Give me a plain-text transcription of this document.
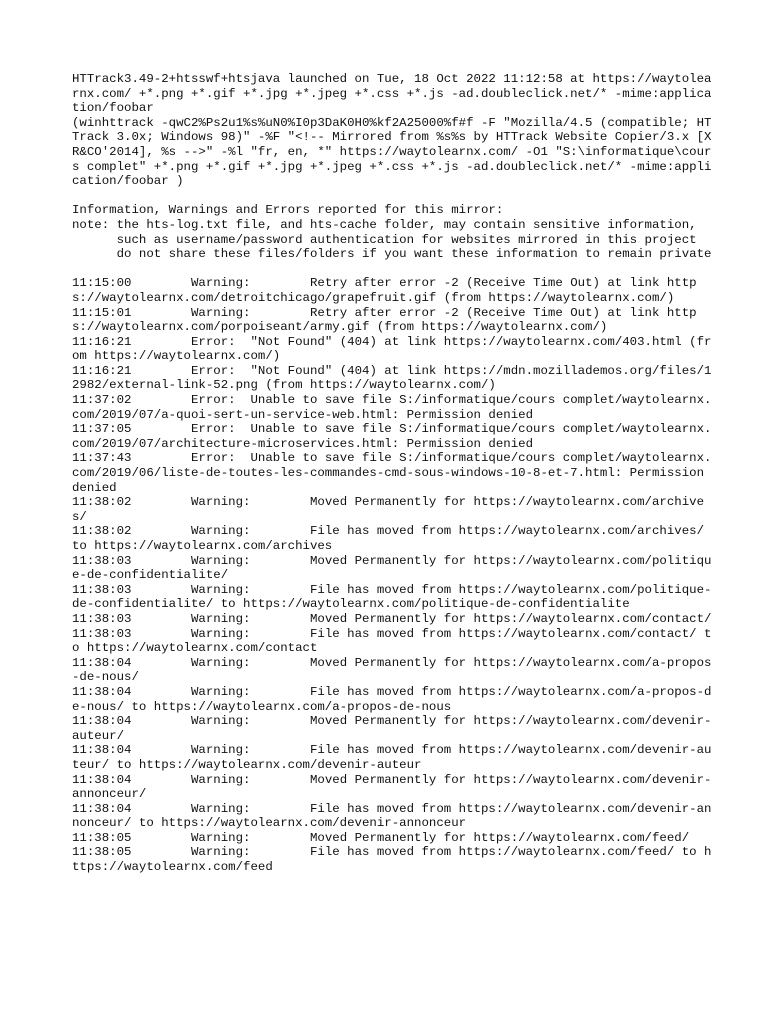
HTTrack3.49-2+htsswf+htsjava launched on Tue, 18 Oct 2022 11:12:58 at https://waytolearnx.com/ +*.png +*.gif +*.jpg +*.jpeg +*.css +*.js -ad.doubleclick.net/* -mime:application/foobar
(winhttrack -qwC2%Ps2u1%s%uN0%I0p3DaK0H0%kf2A25000%f#f -F "Mozilla/4.5 (compatible; HTTrack 3.0x; Windows 98)" -%F "<!-- Mirrored from %s%s by HTTrack Website Copier/3.x [XR&CO'2014], %s -->" -%l "fr, en, *" https://waytolearnx.com/ -O1 "S:\informatique\cours complet" +*.png +*.gif +*.jpg +*.jpeg +*.css +*.js -ad.doubleclick.net/* -mime:application/foobar )
Information, Warnings and Errors reported for this mirror:
note: the hts-log.txt file, and hts-cache folder, may contain sensitive information,
such as username/password authentication for websites mirrored in this project
do not share these files/folders if you want these information to remain private
11:15:00	Warning:	Retry after error -2 (Receive Time Out) at link https://waytolearnx.com/detroitchicago/grapefruit.gif (from https://waytolearnx.com/)
11:15:01	Warning:	Retry after error -2 (Receive Time Out) at link https://waytolearnx.com/porpoiseant/army.gif (from https://waytolearnx.com/)
11:16:21	Error:	"Not Found" (404) at link https://waytolearnx.com/403.html (from https://waytolearnx.com/)
11:16:21	Error:	"Not Found" (404) at link https://mdn.mozillademos.org/files/12982/external-link-52.png (from https://waytolearnx.com/)
11:37:02	Error:	Unable to save file S:/informatique/cours complet/waytolearnx.com/2019/07/a-quoi-sert-un-service-web.html: Permission denied
11:37:05	Error:	Unable to save file S:/informatique/cours complet/waytolearnx.com/2019/07/architecture-microservices.html: Permission denied
11:37:43	Error:	Unable to save file S:/informatique/cours complet/waytolearnx.com/2019/06/liste-de-toutes-les-commandes-cmd-sous-windows-10-8-et-7.html: Permission denied
11:38:02	Warning:	Moved Permanently for https://waytolearnx.com/archives/
11:38:02	Warning:	File has moved from https://waytolearnx.com/archives/ to https://waytolearnx.com/archives
11:38:03	Warning:	Moved Permanently for https://waytolearnx.com/politique-de-confidentialite/
11:38:03	Warning:	File has moved from https://waytolearnx.com/politique-de-confidentialite/ to https://waytolearnx.com/politique-de-confidentialite
11:38:03	Warning:	Moved Permanently for https://waytolearnx.com/contact/
11:38:03	Warning:	File has moved from https://waytolearnx.com/contact/ to https://waytolearnx.com/contact
11:38:04	Warning:	Moved Permanently for https://waytolearnx.com/a-propos-de-nous/
11:38:04	Warning:	File has moved from https://waytolearnx.com/a-propos-de-nous/ to https://waytolearnx.com/a-propos-de-nous
11:38:04	Warning:	Moved Permanently for https://waytolearnx.com/devenir-auteur/
11:38:04	Warning:	File has moved from https://waytolearnx.com/devenir-auteur/ to https://waytolearnx.com/devenir-auteur
11:38:04	Warning:	Moved Permanently for https://waytolearnx.com/devenir-annonceur/
11:38:04	Warning:	File has moved from https://waytolearnx.com/devenir-annonceur/ to https://waytolearnx.com/devenir-annonceur
11:38:05	Warning:	Moved Permanently for https://waytolearnx.com/feed/
11:38:05	Warning:	File has moved from https://waytolearnx.com/feed/ to https://waytolearnx.com/feed
